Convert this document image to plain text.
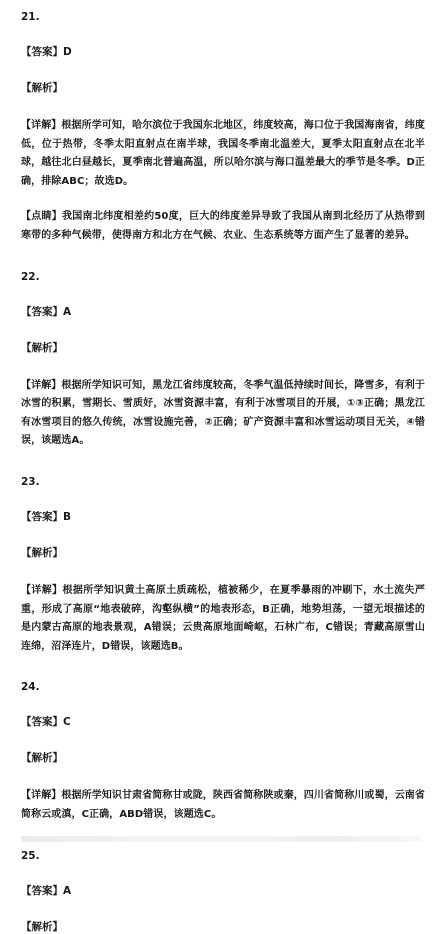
21.
【答案】D
【解析】

【详解】根据所学可知，哈尔滨位于我国东北地区，纬度较高，海口位于我国海南省，纬度低，位于热带，冬季太阳直射点在南半球，我国冬季南北温差大，夏季太阳直射点在北半球，越往北白昼越长，夏季南北普遍高温，所以哈尔滨与海口温差最大的季节是冬季。D正确，排除ABC；故选D。

【点睛】我国南北纬度相差约50度，巨大的纬度差异导致了我国从南到北经历了从热带到寒带的多种气候带，使得南方和北方在气候、农业、生态系统等方面产生了显著的差异。

22.
【答案】A
【解析】

【详解】根据所学知识可知，黑龙江省纬度较高，冬季气温低持续时间长，降雪多，有利于冰雪的积累，雪期长、雪质好，冰雪资源丰富，有利于冰雪项目的开展，①③正确；黑龙江有冰雪项目的悠久传统，冰雪设施完善，②正确；矿产资源丰富和冰雪运动项目无关，④错误，该题选A。

23.
【答案】B
【解析】

【详解】根据所学知识黄土高原土质疏松，植被稀少，在夏季暴雨的冲刷下，水土流失严重，形成了高原“地表破碎，沟壑纵横”的地表形态，B正确，地势坦荡，一望无垠描述的是内蒙古高原的地表景观，A错误；云贵高原地面崎岖，石林广布，C错误；青藏高原雪山连绵，沼泽连片，D错误，该题选B。

24.
【答案】C
【解析】

【详解】根据所学知识甘肃省简称甘或陇，陕西省简称陕或秦，四川省简称川或蜀，云南省简称云或滇，C正确，ABD错误，该题选C。

25.
【答案】A
【解析】
